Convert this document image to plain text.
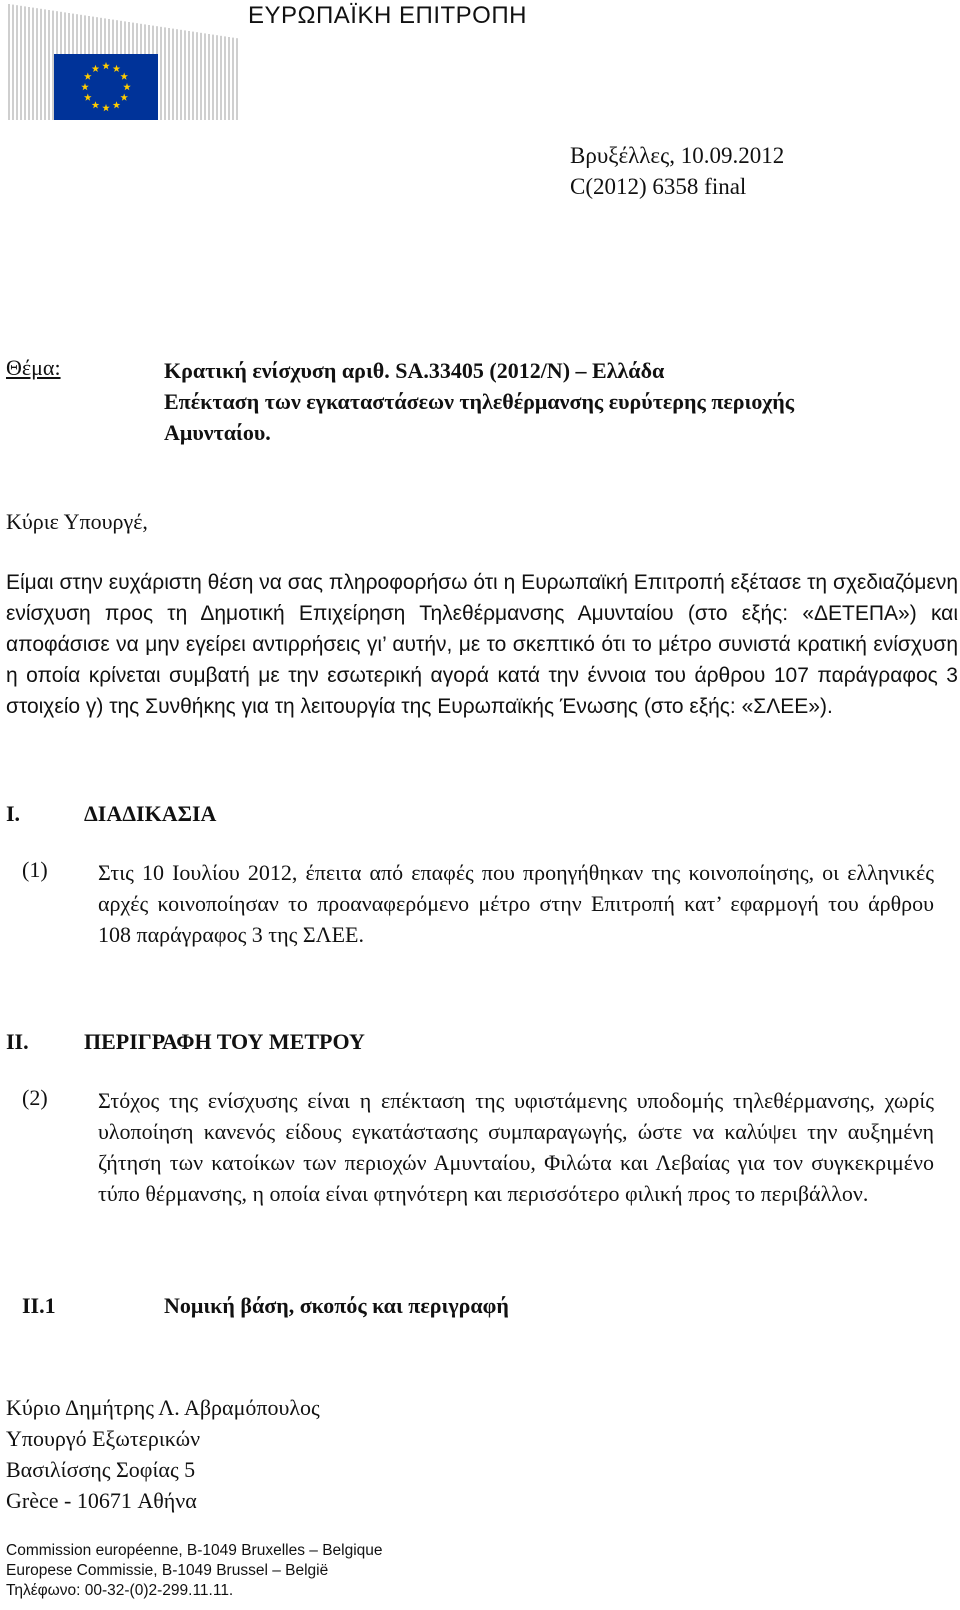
ΕΥΡΩΠΑΪΚΗ ΕΠΙΤΡΟΠΗ
Βρυξέλλες, 10.09.2012
C(2012) 6358 final
Θέμα:	Κρατική ενίσχυση αριθ. SA.33405 (2012/N) – Ελλάδα
Επέκταση των εγκαταστάσεων τηλεθέρμανσης ευρύτερης περιοχής
Αμυνταίου.
Κύριε Υπουργέ,
Είμαι στην ευχάριστη θέση να σας πληροφορήσω ότι η Ευρωπαϊκή Επιτροπή εξέτασε τη σχεδιαζόμενη ενίσχυση προς τη Δημοτική Επιχείρηση Τηλεθέρμανσης Αμυνταίου (στο εξής: «ΔΕΤΕΠΑ») και αποφάσισε να μην εγείρει αντιρρήσεις γι’ αυτήν, με το σκεπτικό ότι το μέτρο συνιστά κρατική ενίσχυση η οποία κρίνεται συμβατή με την εσωτερική αγορά κατά την έννοια του άρθρου 107 παράγραφος 3 στοιχείο γ) της Συνθήκης για τη λειτουργία της Ευρωπαϊκής Ένωσης (στο εξής: «ΣΛΕΕ»).
I.	ΔΙΑΔΙΚΑΣΙΑ
(1) Στις 10 Ιουλίου 2012, έπειτα από επαφές που προηγήθηκαν της κοινοποίησης, οι ελληνικές αρχές κοινοποίησαν το προαναφερόμενο μέτρο στην Επιτροπή κατ’ εφαρμογή του άρθρου 108 παράγραφος 3 της ΣΛΕΕ.
II.	ΠΕΡΙΓΡΑΦΗ ΤΟΥ ΜΕΤΡΟΥ
(2) Στόχος της ενίσχυσης είναι η επέκταση της υφιστάμενης υποδομής τηλεθέρμανσης, χωρίς υλοποίηση κανενός είδους εγκατάστασης συμπαραγωγής, ώστε να καλύψει την αυξημένη ζήτηση των κατοίκων των περιοχών Αμυνταίου, Φιλώτα και Λεβαίας για τον συγκεκριμένο τύπο θέρμανσης, η οποία είναι φτηνότερη και περισσότερο φιλική προς το περιβάλλον.
II.1	Νομική βάση, σκοπός και περιγραφή
Κύριο Δημήτρης Λ. Αβραμόπουλος
Υπουργό Εξωτερικών
Βασιλίσσης Σοφίας 5
Grèce - 10671 Αθήνα
Commission européenne, B-1049 Bruxelles – Belgique
Europese Commissie, B-1049 Brussel – België
Τηλέφωνο: 00-32-(0)2-299.11.11.
